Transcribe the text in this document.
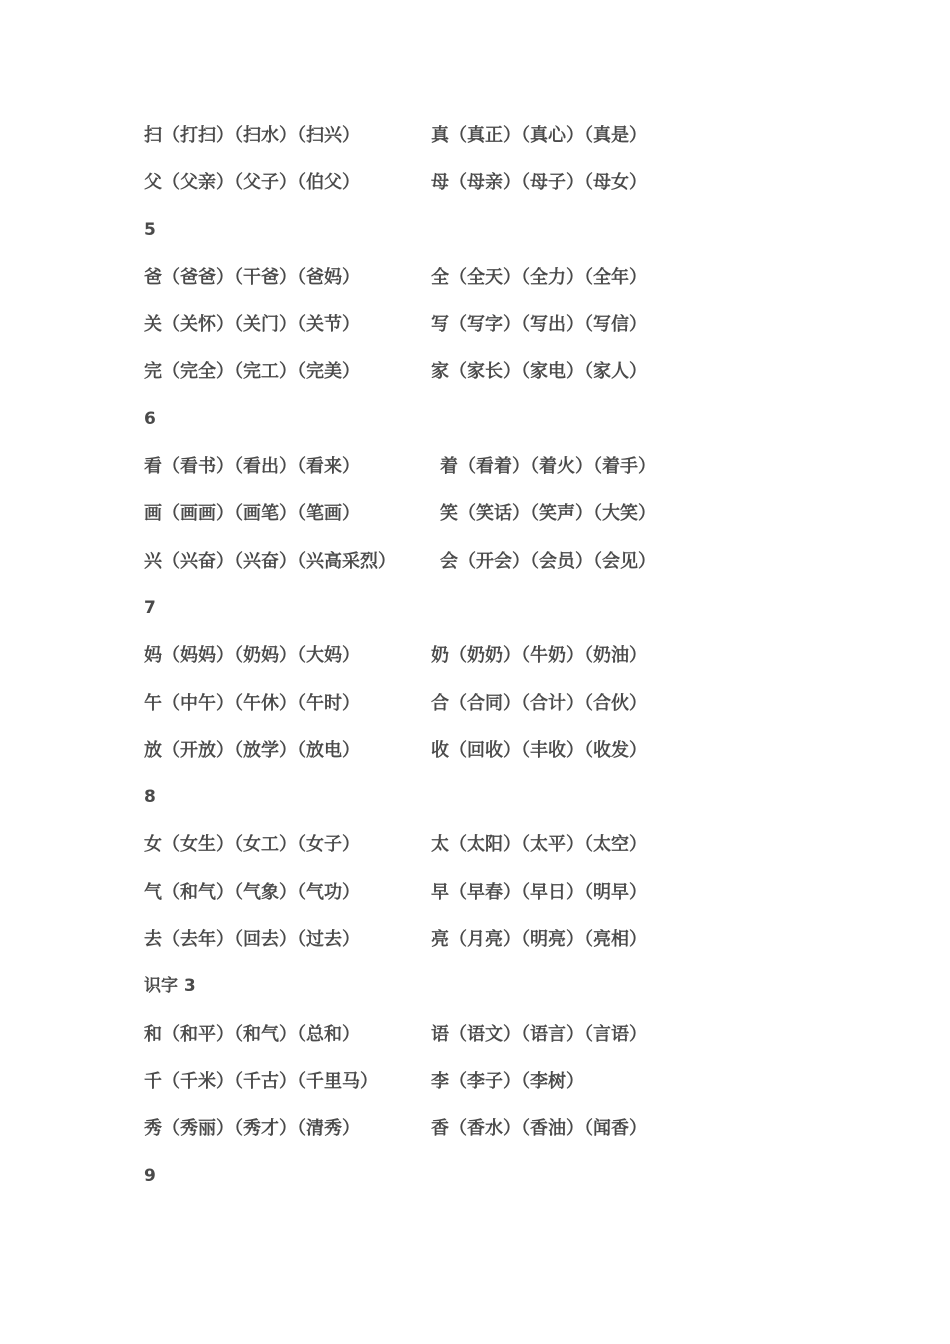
扫（打扫）（扫水）（扫兴）	真（真正）（真心）（真是）
父（父亲）（父子）（伯父）	母（母亲）（母子）（母女）
5
爸（爸爸）（干爸）（爸妈）	全（全天）（全力）（全年）
关（关怀）（关门）（关节）	写（写字）（写出）（写信）
完（完全）（完工）（完美）	家（家长）（家电）（家人）
6
看（看书）（看出）（看来）	着（看着）（着火）（着手）
画（画画）（画笔）（笔画）	笑（笑话）（笑声）（大笑）
兴（兴奋）（兴奋）（兴高采烈） 会（开会）（会员）（会见）
7
妈（妈妈）（奶妈）（大妈）	奶（奶奶）（牛奶）（奶油）
午（中午）（午休）（午时）	合（合同）（合计）（合伙）
放（开放）（放学）（放电）	收（回收）（丰收）（收发）
8
女（女生）（女工）（女子）	太（太阳）（太平）（太空）
气（和气）（气象）（气功）	早（早春）（早日）（明早）
去（去年）（回去）（过去）	亮（月亮）（明亮）（亮相）
识字 3
和（和平）（和气）（总和）	语（语文）（语言）（言语）
千（千米）（千古）（千里马）	李（李子）（李树）
秀（秀丽）（秀才）（清秀）	香（香水）（香油）（闻香）
9
